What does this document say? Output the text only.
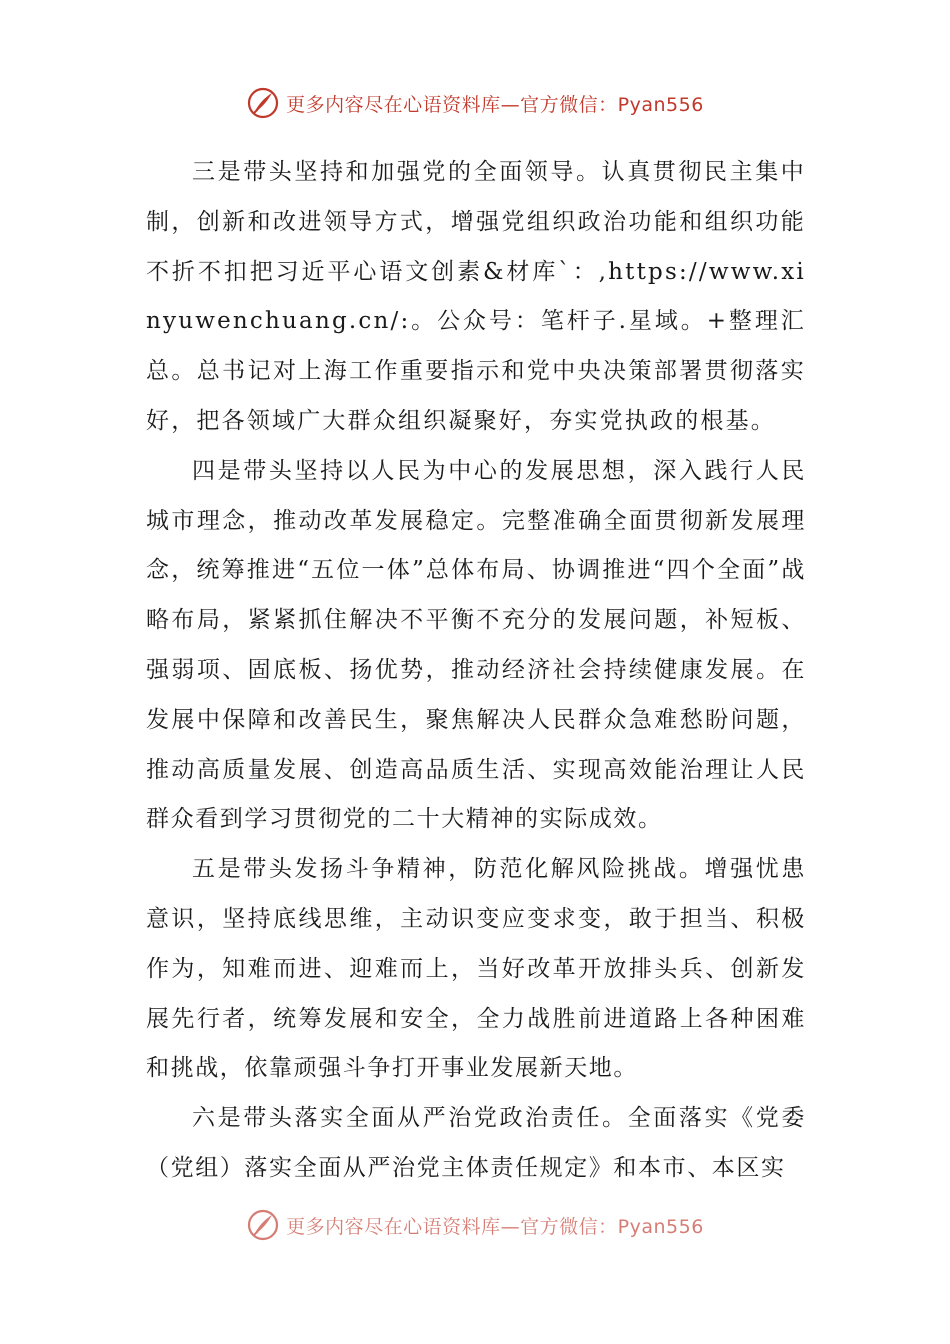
更多内容尽在心语资料库—官方微信：Pyan556

三是带头坚持和加强党的全面领导。认真贯彻民主集中制，创新和改进领导方式，增强党组织政治功能和组织功能不折不扣把习近平心语文创素&材库`：,https://www.xinyuwenchuang.cn/:。公众号：笔杆子.星域。+整理汇总。总书记对上海工作重要指示和党中央决策部署贯彻落实好，把各领域广大群众组织凝聚好，夯实党执政的根基。

四是带头坚持以人民为中心的发展思想，深入践行人民城市理念，推动改革发展稳定。完整准确全面贯彻新发展理念，统筹推进“五位一体”总体布局、协调推进“四个全面”战略布局，紧紧抓住解决不平衡不充分的发展问题，补短板、强弱项、固底板、扬优势，推动经济社会持续健康发展。在发展中保障和改善民生，聚焦解决人民群众急难愁盼问题，推动高质量发展、创造高品质生活、实现高效能治理让人民群众看到学习贯彻党的二十大精神的实际成效。

五是带头发扬斗争精神，防范化解风险挑战。增强忧患意识，坚持底线思维，主动识变应变求变，敢于担当、积极作为，知难而进、迎难而上，当好改革开放排头兵、创新发展先行者，统筹发展和安全，全力战胜前进道路上各种困难和挑战，依靠顽强斗争打开事业发展新天地。

六是带头落实全面从严治党政治责任。全面落实《党委（党组）落实全面从严治党主体责任规定》和本市、本区实

更多内容尽在心语资料库—官方微信：Pyan556
